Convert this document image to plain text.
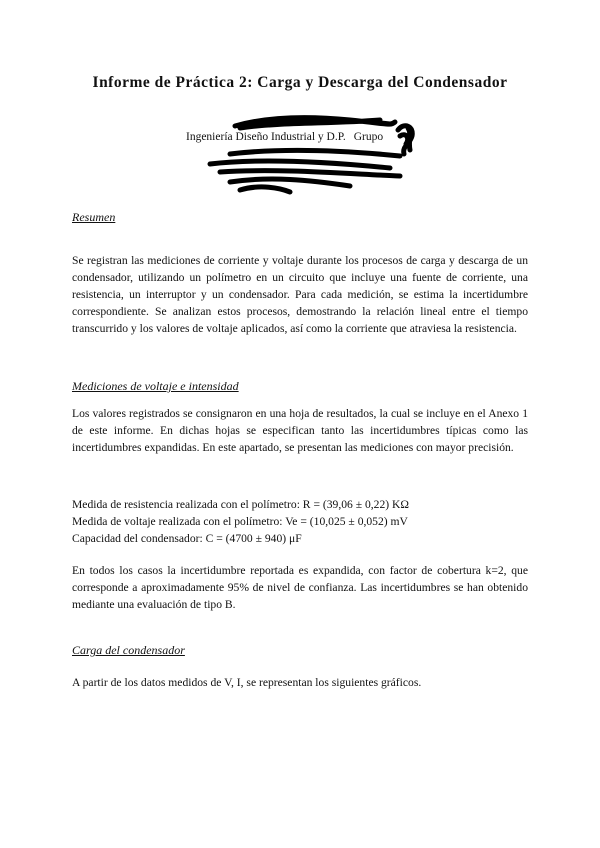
Informe de Práctica 2: Carga y Descarga del Condensador
Ingeniería Diseño Industrial y D.P. Grupo
Resumen

Se registran las mediciones de corriente y voltaje durante los procesos de carga y descarga de un condensador, utilizando un polímetro en un circuito que incluye una fuente de corriente, una resistencia, un interruptor y un condensador. Para cada medición, se estima la incertidumbre correspondiente. Se analizan estos procesos, demostrando la relación lineal entre el tiempo transcurrido y los valores de voltaje aplicados, así como la corriente que atraviesa la resistencia.

Mediciones de voltaje e intensidad

Los valores registrados se consignaron en una hoja de resultados, la cual se incluye en el Anexo 1 de este informe. En dichas hojas se especifican tanto las incertidumbres típicas como las incertidumbres expandidas. En este apartado, se presentan las mediciones con mayor precisión.

Medida de resistencia realizada con el polímetro: R = (39,06 ± 0,22) KΩ
Medida de voltaje realizada con el polímetro: Ve = (10,025 ± 0,052) mV
Capacidad del condensador: C = (4700 ± 940) μF

En todos los casos la incertidumbre reportada es expandida, con factor de cobertura k=2, que corresponde a aproximadamente 95% de nivel de confianza. Las incertidumbres se han obtenido mediante una evaluación de tipo B.

Carga del condensador
A partir de los datos medidos de V, I, se representan los siguientes gráficos.
